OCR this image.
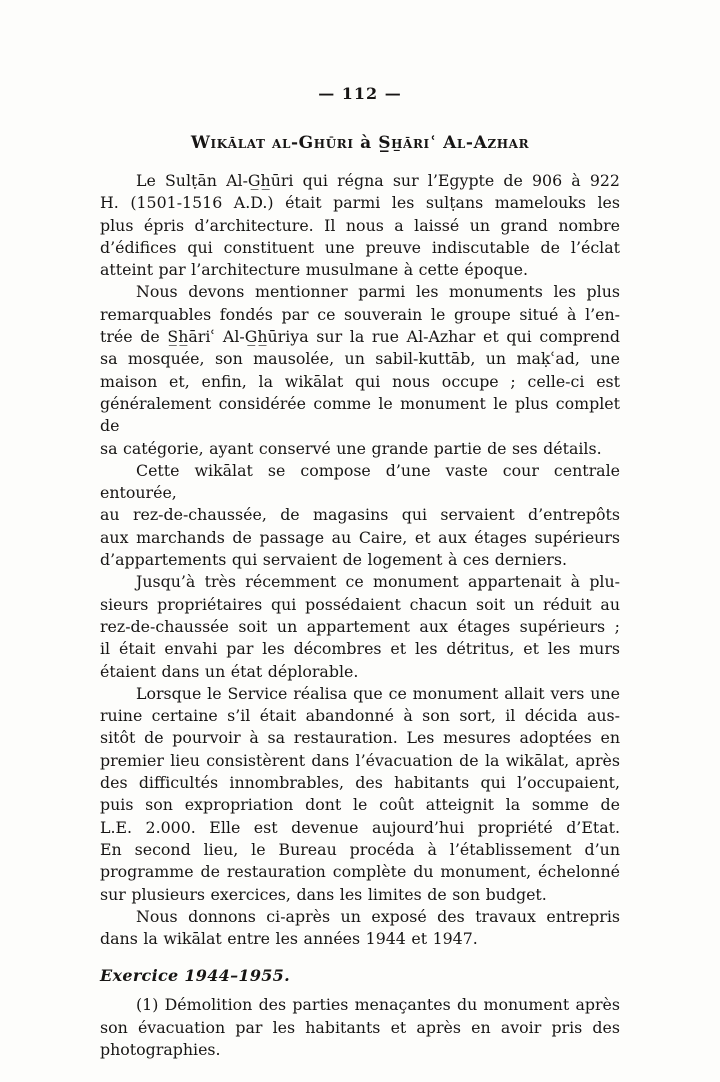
— 112 —
Wikālat al-Ghūri à S̲h̲āriʿ Al-Azhar
Le Sulṭān Al-G̲h̲ūri qui régna sur l’Egypte de 906 à 922
H. (1501-1516 A.D.) était parmi les sulṭans mamelouks les
plus épris d’architecture. Il nous a laissé un grand nombre
d’édifices qui constituent une preuve indiscutable de l’éclat
atteint par l’architecture musulmane à cette époque.
Nous devons mentionner parmi les monuments les plus
remarquables fondés par ce souverain le groupe situé à l’en-
trée de S̲h̲āriʿ Al-G̲h̲ūriya sur la rue Al-Azhar et qui comprend
sa mosquée, son mausolée, un sabil-kuttāb, un maḳʿad, une
maison et, enfin, la wikālat qui nous occupe ; celle-ci est
généralement considérée comme le monument le plus complet de
sa catégorie, ayant conservé une grande partie de ses détails.
Cette wikālat se compose d’une vaste cour centrale entourée,
au rez-de-chaussée, de magasins qui servaient d’entrepôts
aux marchands de passage au Caire, et aux étages supérieurs
d’appartements qui servaient de logement à ces derniers.
Jusqu’à très récemment ce monument appartenait à plu-
sieurs propriétaires qui possédaient chacun soit un réduit au
rez-de-chaussée soit un appartement aux étages supérieurs ;
il était envahi par les décombres et les détritus, et les murs
étaient dans un état déplorable.
Lorsque le Service réalisa que ce monument allait vers une
ruine certaine s’il était abandonné à son sort, il décida aus-
sitôt de pourvoir à sa restauration. Les mesures adoptées en
premier lieu consistèrent dans l’évacuation de la wikālat, après
des difficultés innombrables, des habitants qui l’occupaient,
puis son expropriation dont le coût atteignit la somme de
L.E. 2.000. Elle est devenue aujourd’hui propriété d’Etat.
En second lieu, le Bureau procéda à l’établissement d’un
programme de restauration complète du monument, échelonné
sur plusieurs exercices, dans les limites de son budget.
Nous donnons ci-après un exposé des travaux entrepris
dans la wikālat entre les années 1944 et 1947.
Exercice 1944–1955.
(1) Démolition des parties menaçantes du monument après
son évacuation par les habitants et après en avoir pris des
photographies.
